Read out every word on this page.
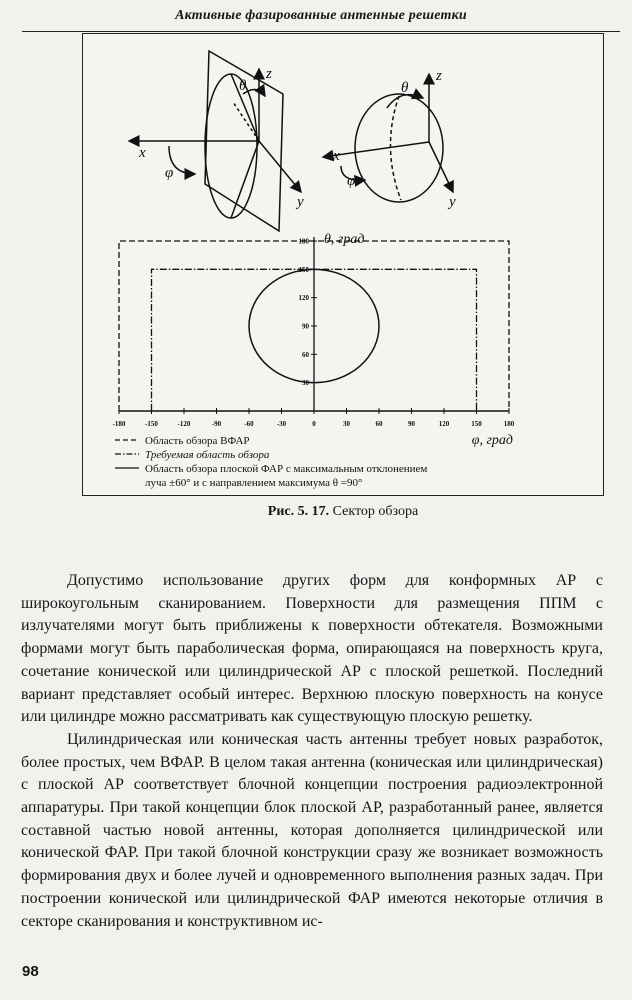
Активные фазированные антенные решетки
z
x
y
θ
φ
z
x
y
θ
φ
-180	-150	-120	-90	-60	-30	0	30	60	90	120	150	180
30
60
90
120
150
180 θ, град
φ, град
Область обзора ВФАР
Требуемая область обзора
Область обзора плоской ФАР с максимальным отклонением
луча ±60° и с направлением максимума θ =90°
Рис. 5. 17. Сектор обзора

Допустимо использование других форм для конформных АР с широкоугольным сканированием. Поверхности для размещения ППМ с излучателями могут быть приближены к поверхности обтекателя. Возможными формами могут быть параболическая форма, опирающаяся на поверхность круга, сочетание конической или цилиндрической АР с плоской решеткой. Последний вариант представляет особый интерес. Верхнюю плоскую поверхность на конусе или цилиндре можно рассматривать как существующую плоскую решетку.

Цилиндрическая или коническая часть антенны требует новых разработок, более простых, чем ВФАР. В целом такая антенна (коническая или цилиндрическая) с плоской АР соответствует блочной концепции построения радиоэлектронной аппаратуры. При такой концепции блок плоской АР, разработанный ранее, является составной частью новой антенны, которая дополняется цилиндрической или конической ФАР. При такой блочной конструкции сразу же возникает возможность формирования двух и более лучей и одновременного выполнения разных задач. При построении конической или цилиндрической ФАР имеются некоторые отличия в секторе сканирования и конструктивном ис-

98
